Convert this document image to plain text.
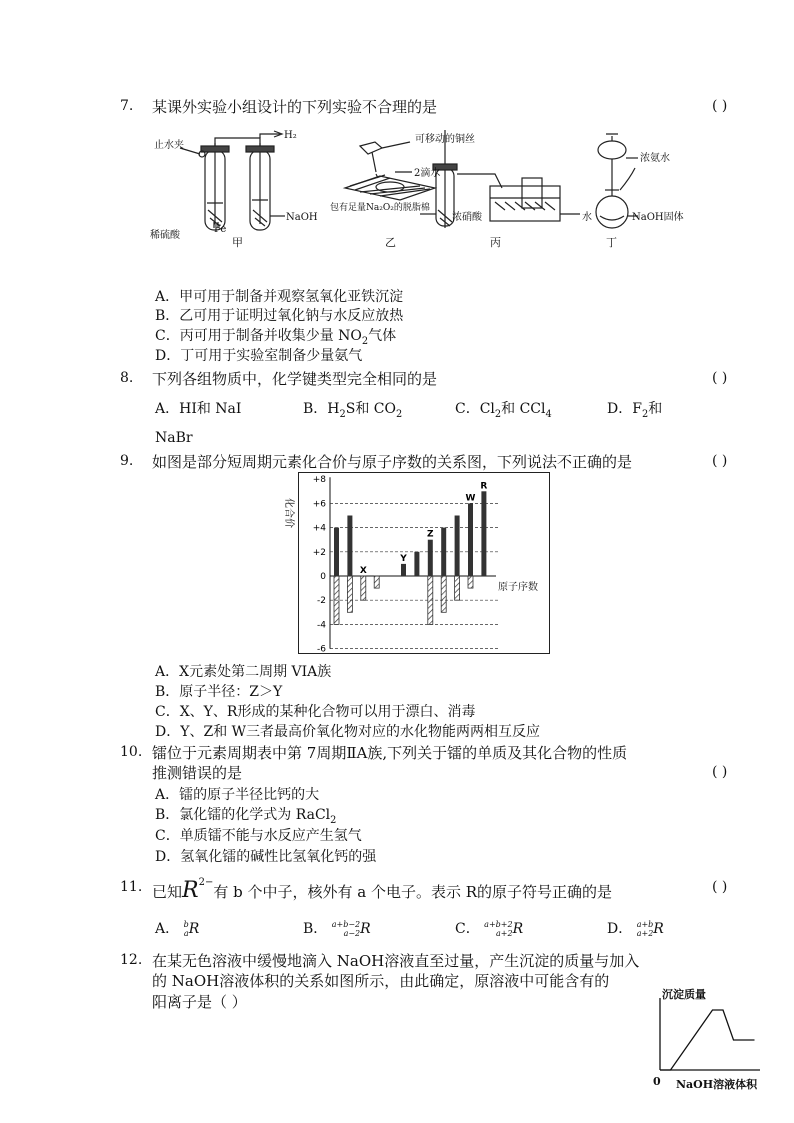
7. 某课外实验小组设计的下列实验不合理的是	( )
止水夹
H₂
NaOH
Fe
稀硫酸
2滴水
包有足量Na₂O₂的脱脂棉
可移动的铜丝
浓硝酸	水
浓氨水
NaOH固体
甲	乙	丙	丁
A．甲可用于制备并观察氢氧化亚铁沉淀
B．乙可用于证明过氧化钠与水反应放热
C．丙可用于制备并收集少量 $NO_2$气体
D．丁可用于实验室制备少量氨气
8. 下列各组物质中，化学键类型完全相同的是	( )
A．HI和 NaI	B．$H_2S$和 $CO_2$	C．$Cl_2$和 CCl$_4$	D．$F_2$和
NaBr
9. 如图是部分短周期元素化合价与原子序数的关系图，下列说法不正确的是	( )
+8
+6
+4
+2
0
-2
-4
-6
X
Y
Z
W
R
化合价
原子序数
A．X元素处第二周期 VIA族
B．原子半径：Z＞Y
C．X、Y、R形成的某种化合物可以用于漂白、消毒
D．Y、Z和 W三者最高价氧化物对应的水化物能两两相互反应
10. 镭位于元素周期表中第 7周期ⅡA族,下列关于镭的单质及其化合物的性质
推测错误的是	( )
A．镭的原子半径比钙的大
B．氯化镭的化学式为 RaCl$_2$
C．单质镭不能与水反应产生氢气
D．氢氧化镭的碱性比氢氧化钙的强
11. 已知$R^{2-}$有 b 个中子，核外有 a 个电子。表示 R的原子符号正确的是	( )
A． b
aR	B． a+b−2
a−2R	C． a+b+2
a+2R	D． a+b
a+2R
12. 在某无色溶液中缓慢地滴入 NaOH溶液直至过量，产生沉淀的质量与加入
的 NaOH溶液体积的关系如图所示，由此确定，原溶液中可能含有的
阳离子是（ ）	沉淀质量
NaOH溶液体积
0
